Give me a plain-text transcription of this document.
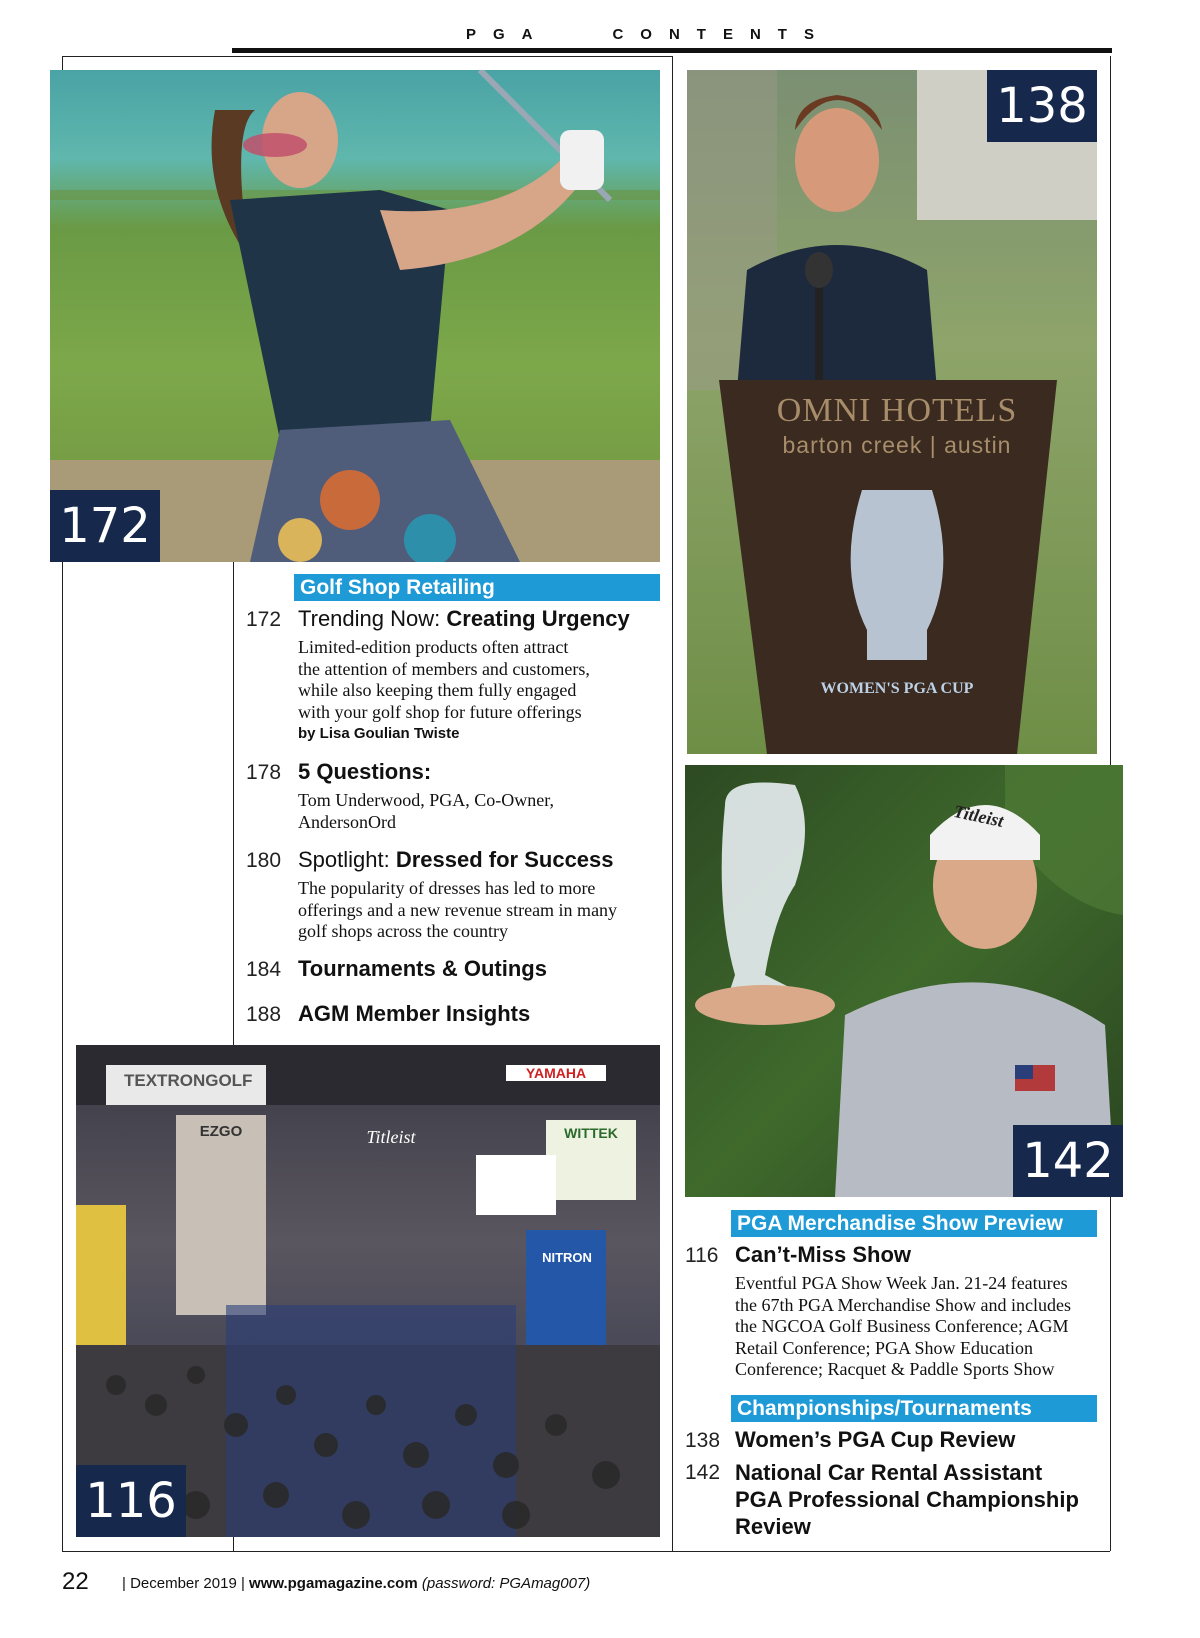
PGA   CONTENTS
172
OMNI HOTELS
barton creek | austin
WOMEN'S PGA CUP
138
Titleist
142
TEXTRONGOLF	YAMAHA
EZGO	Titleist	WITTEK
NITRON
116
Golf Shop Retailing
172 Trending Now: Creating Urgency
Limited-edition products often attract
the attention of members and customers,
while also keeping them fully engaged
with your golf shop for future offerings
by Lisa Goulian Twiste
178 5 Questions:
Tom Underwood, PGA, Co-Owner,
AndersonOrd
180 Spotlight: Dressed for Success
The popularity of dresses has led to more
offerings and a new revenue stream in many
golf shops across the country
184 Tournaments & Outings
188 AGM Member Insights
PGA Merchandise Show Preview
116 Can’t-Miss Show
Eventful PGA Show Week Jan. 21-24 features
the 67th PGA Merchandise Show and includes
the NGCOA Golf Business Conference; AGM
Retail Conference; PGA Show Education
Conference; Racquet & Paddle Sports Show
Championships/Tournaments
138 Women’s PGA Cup Review
142 National Car Rental Assistant
PGA Professional Championship
Review
22 | December 2019 | www.pgamagazine.com (password: PGAmag007)
